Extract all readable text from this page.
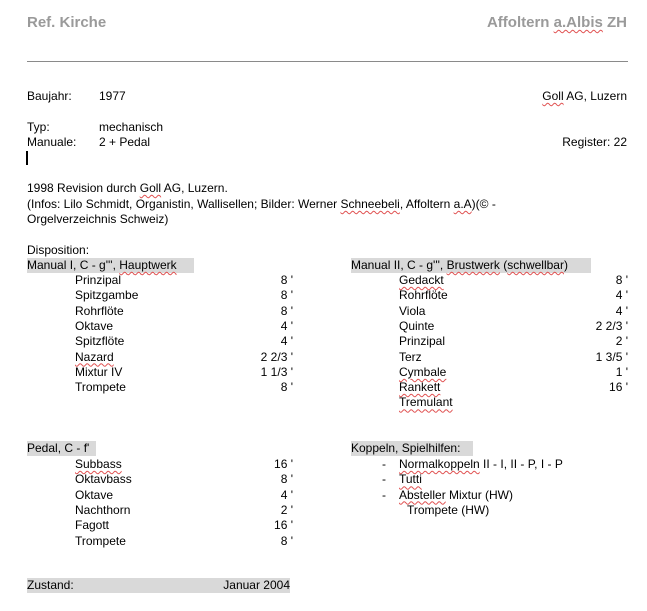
Ref. Kirche	Affoltern a.Albis ZH
Baujahr: 1977	Goll AG, Luzern
Typ:	mechanisch
Manuale: 2 + Pedal	Register: 22
1998 Revision durch Goll AG, Luzern.
(Infos: Lilo Schmidt, Organistin, Wallisellen; Bilder: Werner Schneebeli, Affoltern a.A)(© -
Orgelverzeichnis Schweiz)
Disposition:
Manual I, C - g''', Hauptwerk
Prinzipal	8 '
Spitzgambe	8 '
Rohrflöte	8 '
Oktave	4 '
Spitzflöte	4 '
Nazard	2 2/3 '
Mixtur IV	1 1/3 '
Trompete	8 '
Manual II, C - g''', Brustwerk (schwellbar)
Gedackt	8 '
Rohrflöte	4 '
Viola	4 '
Quinte	2 2/3 '
Prinzipal	2 '
Terz	1 3/5 '
Cymbale	1 '
Rankett	16 '
Tremulant
Pedal, C - f'
Subbass	16 '
Oktavbass	8 '
Oktave	4 '
Nachthorn	2 '
Fagott	16 '
Trompete	8 '
Koppeln, Spielhilfen:
- Normalkoppeln II - I, II - P, I - P
- Tutti
- Absteller Mixtur (HW)
Trompete (HW)
Zustand:	Januar 2004
